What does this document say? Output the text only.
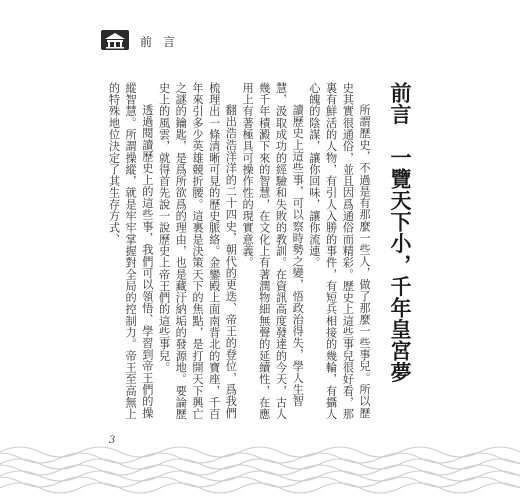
前言
前言　一覽天下小，千年皇宮夢

所謂歷史，不過是有那麼一些人，做了那麼一些事兒。所以歷史其實很通俗，並且因爲通俗而精彩。歷史上這些事兒很好看，那裏有鮮活的人物，有引人入勝的事件，有短兵相接的幾輪，有攝人心魄的陰謀，讓你回味，讓你流連。

讀歷史上這些事，可以察時勢之變，悟政治得失，學人生智慧，汲取成功的經驗和失敗的教訓。在資訊高度發達的今天，古人幾千年積澱下來的智慧，在文化上有著潤物細無聲的延續性，在應用上有著極具可操作性的現實意義。

翻出浩浩洋洋的二十四史，朝代的更迭、帝王的登位，爲我們梳理出一條清晰可見的歷史脈絡。金鑾殿上面南背北的寶座，千百年來引多少英雄競折腰。這裏是決策天下的焦點，是打開天下興亡之謎的鑰匙，是爲所欲爲的理由，也是藏汙納垢的發源地。要論歷史上的風雲，就得首先說一說歷史上帝王們的這些事兒。

透過閱讀歷史上的這些事，我們可以領悟、學習到帝王們的操縱智慧。所謂操縱，就是牢牢掌握對全局的控制力。帝王至高無上的特殊地位決定了其生存方式、

3
